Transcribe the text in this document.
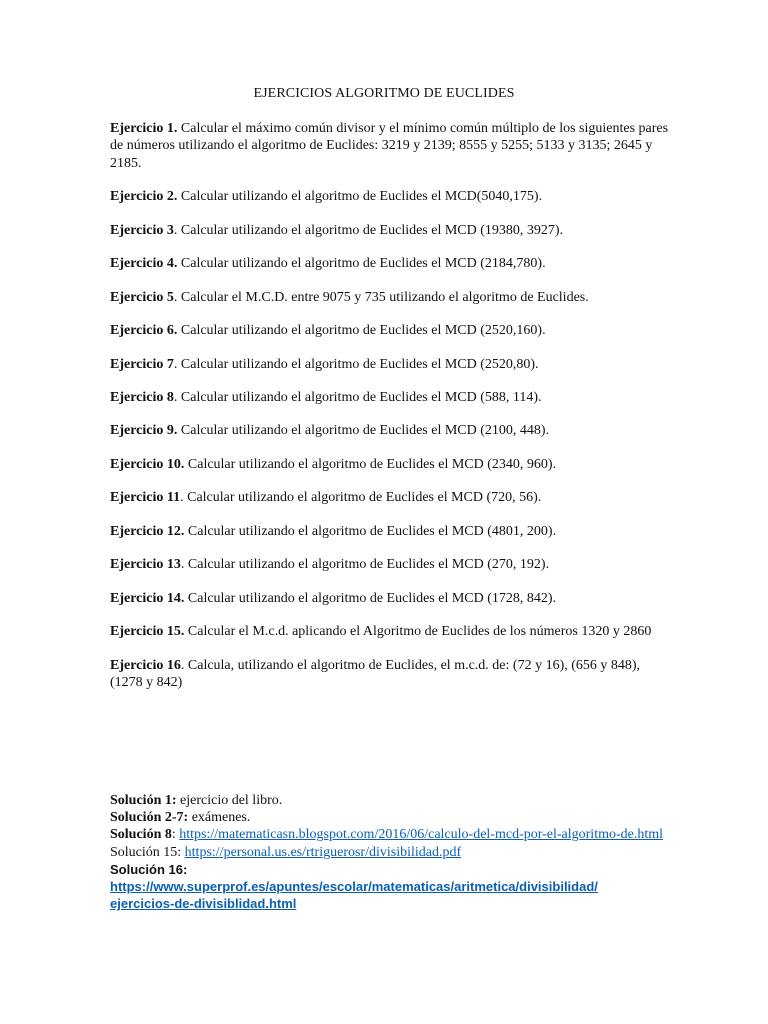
EJERCICIOS ALGORITMO DE EUCLIDES

Ejercicio 1. Calcular el máximo común divisor y el mínimo común múltiplo de los siguientes pares de números utilizando el algoritmo de Euclides: 3219 y 2139; 8555 y 5255; 5133 y 3135; 2645 y 2185.

Ejercicio 2. Calcular utilizando el algoritmo de Euclides el MCD(5040,175).

Ejercicio 3. Calcular utilizando el algoritmo de Euclides el MCD (19380, 3927).

Ejercicio 4. Calcular utilizando el algoritmo de Euclides el MCD (2184,780).

Ejercicio 5. Calcular el M.C.D. entre 9075 y 735 utilizando el algoritmo de Euclides.

Ejercicio 6. Calcular utilizando el algoritmo de Euclides el MCD (2520,160).

Ejercicio 7. Calcular utilizando el algoritmo de Euclides el MCD (2520,80).

Ejercicio 8. Calcular utilizando el algoritmo de Euclides el MCD (588, 114).

Ejercicio 9. Calcular utilizando el algoritmo de Euclides el MCD (2100, 448).

Ejercicio 10. Calcular utilizando el algoritmo de Euclides el MCD (2340, 960).

Ejercicio 11. Calcular utilizando el algoritmo de Euclides el MCD (720, 56).

Ejercicio 12. Calcular utilizando el algoritmo de Euclides el MCD (4801, 200).

Ejercicio 13. Calcular utilizando el algoritmo de Euclides el MCD (270, 192).

Ejercicio 14. Calcular utilizando el algoritmo de Euclides el MCD (1728, 842).

Ejercicio 15. Calcular el M.c.d. aplicando el Algoritmo de Euclides de los números 1320 y 2860

Ejercicio 16. Calcula, utilizando el algoritmo de Euclides, el m.c.d. de: (72 y 16), (656 y 848), (1278 y 842)

Solución 1: ejercicio del libro.

Solución 2-7: exámenes.

Solución 8: https://matematicasn.blogspot.com/2016/06/calculo-del-mcd-por-el-algoritmo-de.html

Solución 15: https://personal.us.es/rtriguerosr/divisibilidad.pdf

Solución 16:

https://www.superprof.es/apuntes/escolar/matematicas/aritmetica/divisibilidad/

ejercicios-de-divisiblidad.html
